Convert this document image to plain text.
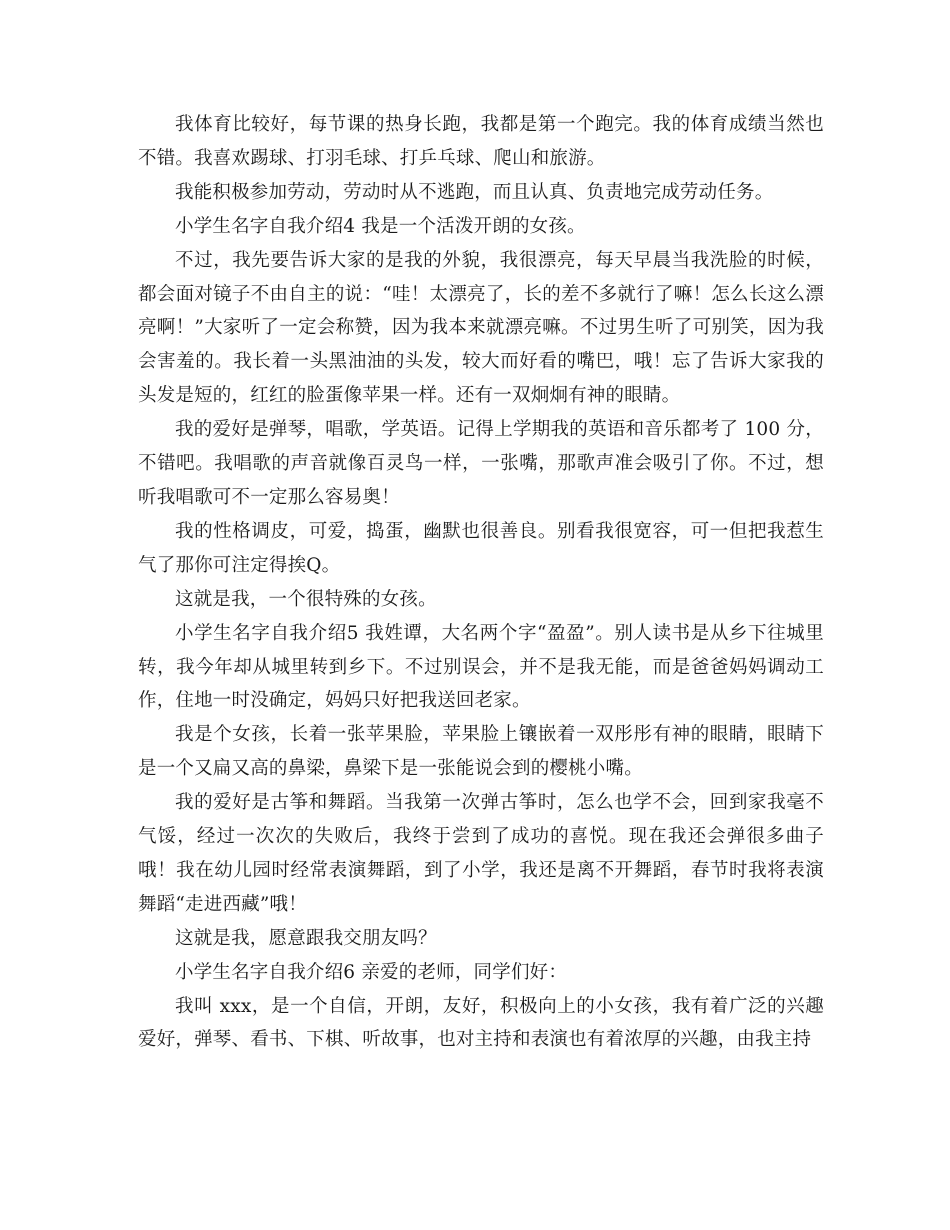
我体育比较好，每节课的热身长跑，我都是第一个跑完。我的体育成绩当然也不错。我喜欢踢球、打羽毛球、打乒乓球、爬山和旅游。

我能积极参加劳动，劳动时从不逃跑，而且认真、负责地完成劳动任务。

小学生名字自我介绍4 我是一个活泼开朗的女孩。

不过，我先要告诉大家的是我的外貌，我很漂亮，每天早晨当我洗脸的时候，都会面对镜子不由自主的说：“哇！太漂亮了，长的差不多就行了嘛！怎么长这么漂亮啊！”大家听了一定会称赞，因为我本来就漂亮嘛。不过男生听了可别笑，因为我会害羞的。我长着一头黑油油的头发，较大而好看的嘴巴，哦！忘了告诉大家我的头发是短的，红红的脸蛋像苹果一样。还有一双炯炯有神的眼睛。

我的爱好是弹琴，唱歌，学英语。记得上学期我的英语和音乐都考了 100 分，不错吧。我唱歌的声音就像百灵鸟一样，一张嘴，那歌声准会吸引了你。不过，想听我唱歌可不一定那么容易奥！

我的性格调皮，可爱，捣蛋，幽默也很善良。别看我很宽容，可一但把我惹生气了那你可注定得挨Q。

这就是我，一个很特殊的女孩。

小学生名字自我介绍5 我姓谭，大名两个字“盈盈”。别人读书是从乡下往城里转，我今年却从城里转到乡下。不过别误会，并不是我无能，而是爸爸妈妈调动工作，住地一时没确定，妈妈只好把我送回老家。

我是个女孩，长着一张苹果脸，苹果脸上镶嵌着一双彤彤有神的眼睛，眼睛下是一个又扁又高的鼻梁，鼻梁下是一张能说会到的樱桃小嘴。

我的爱好是古筝和舞蹈。当我第一次弹古筝时，怎么也学不会，回到家我毫不气馁，经过一次次的失败后，我终于尝到了成功的喜悦。现在我还会弹很多曲子哦！我在幼儿园时经常表演舞蹈，到了小学，我还是离不开舞蹈，春节时我将表演舞蹈“走进西藏”哦！

这就是我，愿意跟我交朋友吗？

小学生名字自我介绍6 亲爱的老师，同学们好：

我叫 xxx，是一个自信，开朗，友好，积极向上的小女孩，我有着广泛的兴趣爱好，弹琴、看书、下棋、听故事，也对主持和表演也有着浓厚的兴趣，由我主持
